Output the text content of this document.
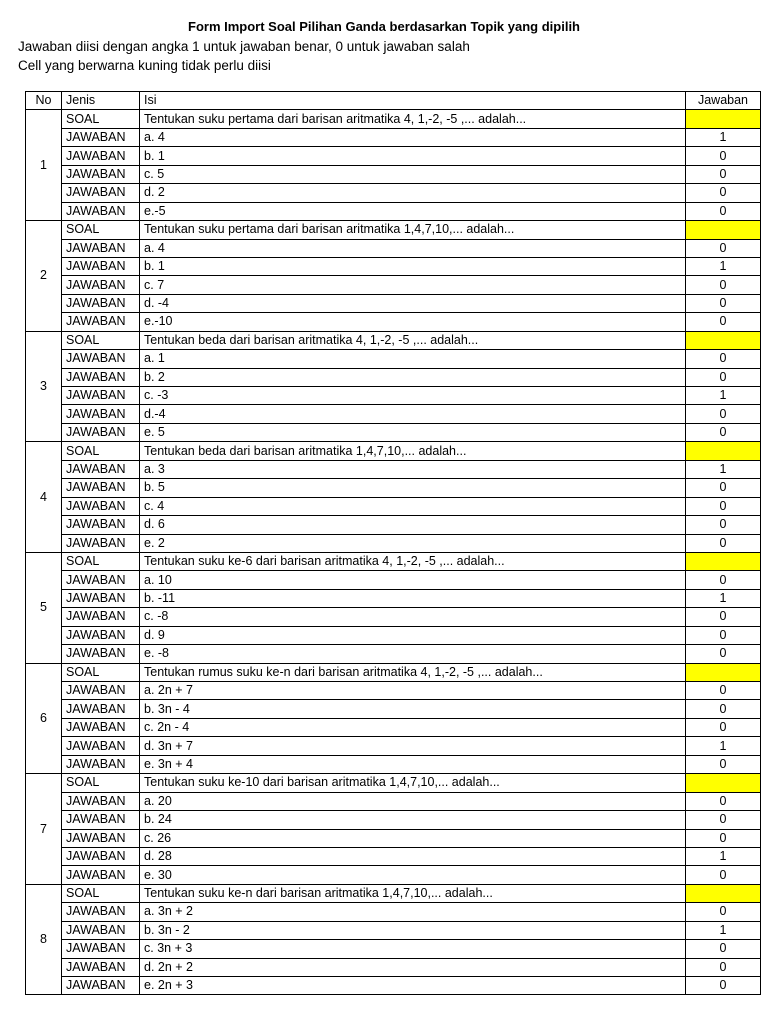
Form Import Soal Pilihan Ganda berdasarkan Topik yang dipilih
Jawaban diisi dengan angka 1 untuk jawaban benar, 0 untuk jawaban salah
Cell yang berwarna kuning tidak perlu diisi
No	Jenis	Isi	Jawaban
1	SOAL	Tentukan suku pertama dari barisan aritmatika 4, 1,-2, -5 ,... adalah...	
	JAWABAN	a. 4	1
	JAWABAN	b. 1	0
	JAWABAN	c. 5	0
	JAWABAN	d. 2	0
	JAWABAN	e.-5	0
2	SOAL	Tentukan suku pertama dari barisan aritmatika 1,4,7,10,... adalah...	
	JAWABAN	a. 4	0
	JAWABAN	b. 1	1
	JAWABAN	c. 7	0
	JAWABAN	d. -4	0
	JAWABAN	e.-10	0
3	SOAL	Tentukan beda dari barisan aritmatika 4, 1,-2, -5 ,... adalah...	
	JAWABAN	a. 1	0
	JAWABAN	b. 2	0
	JAWABAN	c. -3	1
	JAWABAN	d.-4	0
	JAWABAN	e. 5	0
4	SOAL	Tentukan beda dari barisan aritmatika 1,4,7,10,... adalah...	
	JAWABAN	a. 3	1
	JAWABAN	b. 5	0
	JAWABAN	c. 4	0
	JAWABAN	d. 6	0
	JAWABAN	e. 2	0
5	SOAL	Tentukan suku ke-6 dari barisan aritmatika 4, 1,-2, -5 ,... adalah...	
	JAWABAN	a. 10	0
	JAWABAN	b. -11	1
	JAWABAN	c. -8	0
	JAWABAN	d. 9	0
	JAWABAN	e. -8	0
6	SOAL	Tentukan rumus suku ke-n dari barisan aritmatika 4, 1,-2, -5 ,... adalah...	
	JAWABAN	a. 2n + 7	0
	JAWABAN	b. 3n - 4	0
	JAWABAN	c. 2n - 4	0
	JAWABAN	d. 3n + 7	1
	JAWABAN	e. 3n + 4	0
7	SOAL	Tentukan suku ke-10 dari barisan aritmatika 1,4,7,10,... adalah...	
	JAWABAN	a. 20	0
	JAWABAN	b. 24	0
	JAWABAN	c. 26	0
	JAWABAN	d. 28	1
	JAWABAN	e. 30	0
8	SOAL	Tentukan suku ke-n dari barisan aritmatika 1,4,7,10,... adalah...	
	JAWABAN	a. 3n + 2	0
	JAWABAN	b. 3n - 2	1
	JAWABAN	c. 3n + 3	0
	JAWABAN	d. 2n + 2	0
	JAWABAN	e. 2n + 3	0
